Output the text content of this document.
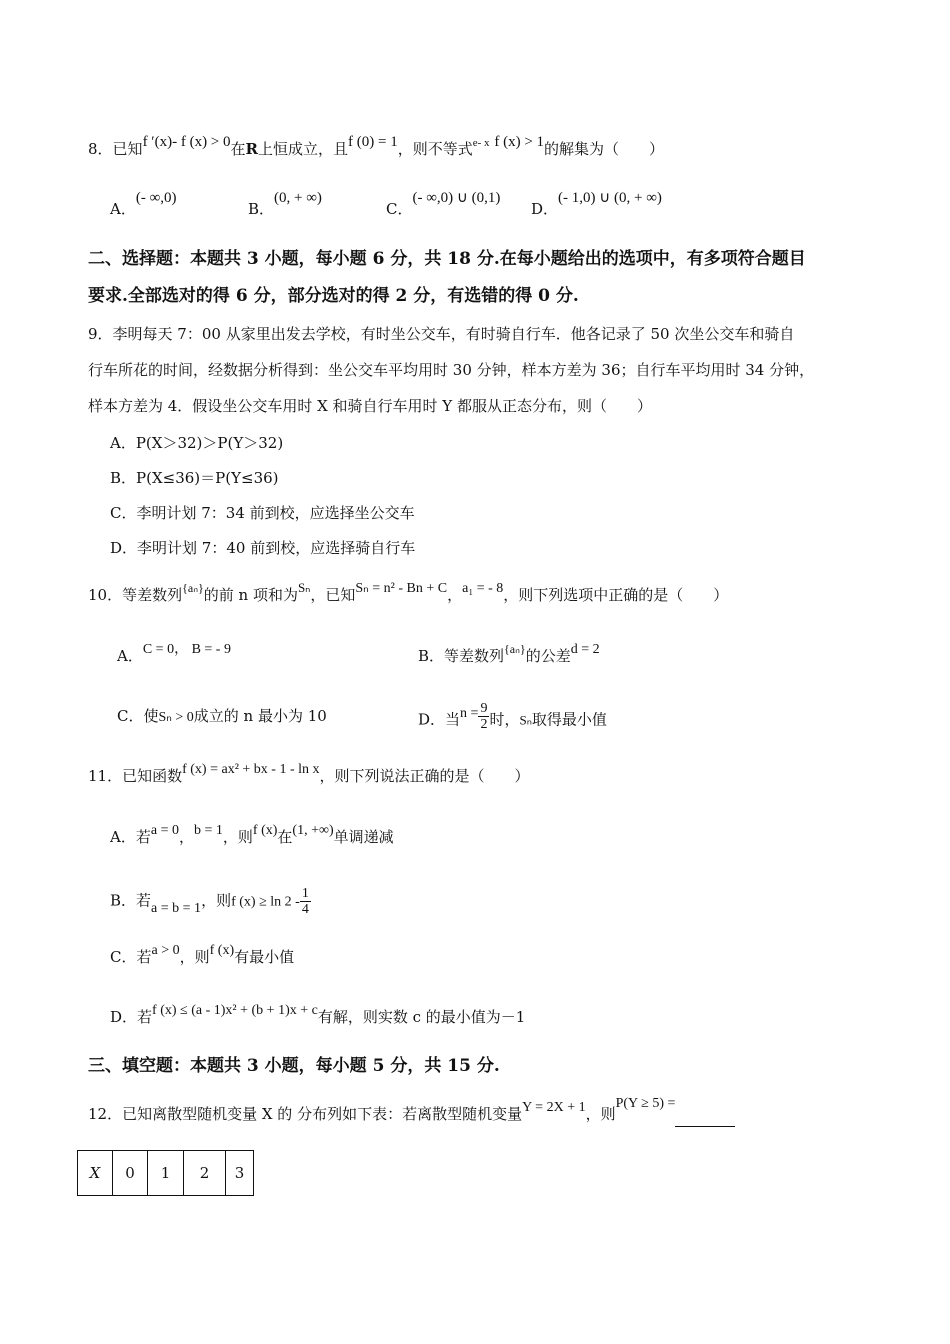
8．已知f ′(x)- f (x) > 0在R上恒成立，且f (0) = 1，则不等式$^{e- x}$ f (x) > 1的解集为（　　）
A．(- ∞,0)
B．(0, + ∞)
C．(- ∞,0) ∪ (0,1)
D．(- 1,0) ∪ (0, + ∞)
二、选择题：本题共 3 小题，每小题 6 分，共 18 分.在每小题给出的选项中，有多项符合题目
要求.全部选对的得 6 分，部分选对的得 2 分，有选错的得 0 分.
9．李明每天 7：00 从家里出发去学校，有时坐公交车，有时骑自行车．他各记录了 50 次坐公交车和骑自
行车所花的时间，经数据分析得到：坐公交车平均用时 30 分钟，样本方差为 36；自行车平均用时 34 分钟，
样本方差为 4．假设坐公交车用时 X 和骑自行车用时 Y 都服从正态分布，则（　　）
A．P(X＞32)＞P(Y＞32)
B．P(X≤36)＝P(Y≤36)
C．李明计划 7：34 前到校，应选择坐公交车
D．李明计划 7：40 前到校，应选择骑自行车
10．等差数列$^{\{a_n\}}$的前 n 项和为Sₙ，已知Sₙ = n² - Bn + C，a₁ = - 8，则下列选项中正确的是（　　）
A．C = 0， B = - 9	B．等差数列$^{\{a_n\}}$的公差d = 2
C．使Sₙ > 0成立的 n 最小为 10	D．当$n = \frac{9}{2}$ 时，Sₙ取得最小值
11．已知函数f (x) = ax² + bx - 1 - ln x，则下列说法正确的是（　　）
A．若a = 0，b = 1，则f (x)在(1, +∞)单调递减
B．若a = b = 1，则f $(x) \ge \ln 2 - \frac{1}{4}$
C．若a > 0，则f (x)有最小值
D．若f (x) ≤ (a - 1)x² + (b + 1)x + c有解，则实数 c 的最小值为－1
三、填空题：本题共 3 小题，每小题 5 分，共 15 分.
12．已知离散型随机变量 X 的 分布列如下表：若离散型随机变量Y = 2X + 1，则P(Y ≥ 5) =
X	0	1	2	3
